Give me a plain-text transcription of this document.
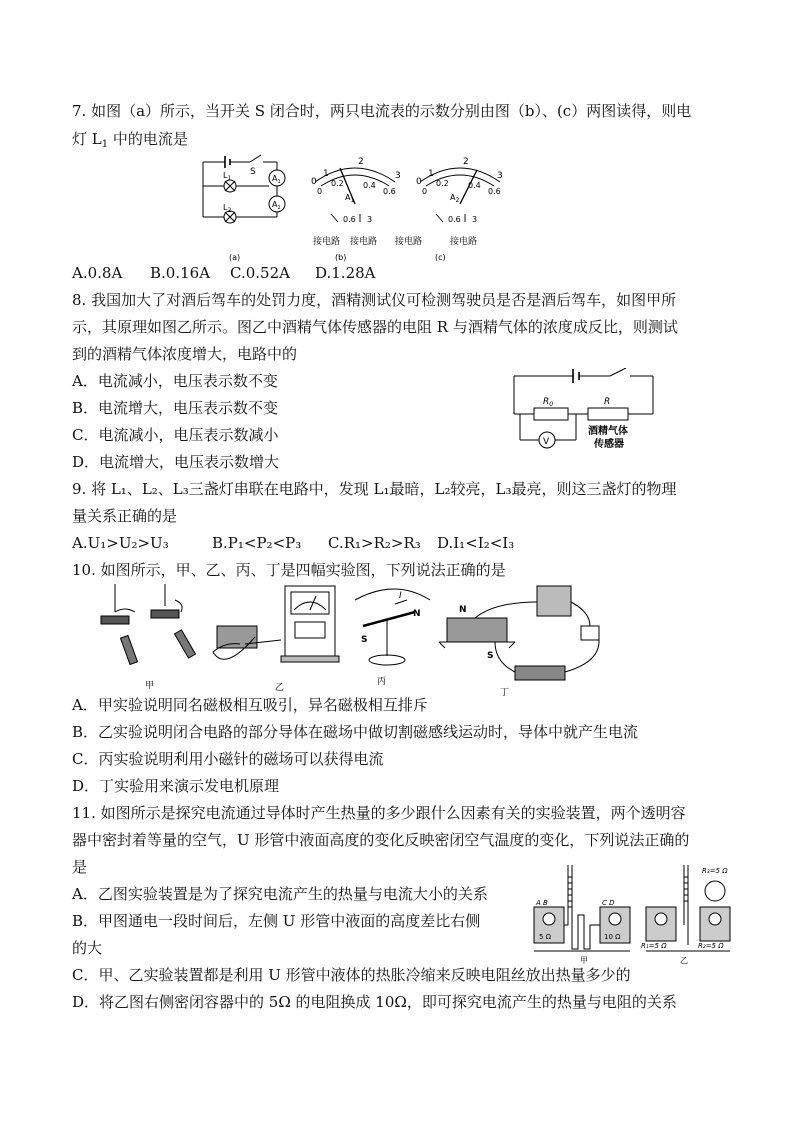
7. 如图（a）所示，当开关 S 闭合时，两只电流表的示数分别由图（b）、(c）两图读得，则电
灯 $L_1$ 中的电流是
S
$L_1$
$L_2$
$A_1$
$A_2$
(a)
0
1
2
3
0
0.2 0.4
0.6
$A_1$
0.6 3
接电路 接电路
(b)
0
1
2
3
0
0.2 0.4
0.6
$A_2$
0.6 3
接电路	接电路
(c)
A.0.8A B.0.16A C.0.52A D.1.28A
8. 我国加大了对酒后驾车的处罚力度，酒精测试仪可检测驾驶员是否是酒后驾车，如图甲所
示，其原理如图乙所示。图乙中酒精气体传感器的电阻 R 与酒精气体的浓度成反比，则测试
到的酒精气体浓度增大，电路中的
A．电流减小，电压表示数不变
B．电流增大，电压表示数不变
C．电流减小，电压表示数减小
D．电流增大，电压表示数增大
$R_0$	R
V
酒精气体
传感器
9. 将 L₁、L₂、L₃三盏灯串联在电路中，发现 L₁最暗，L₂较亮，L₃最亮，则这三盏灯的物理
量关系正确的是
A.U₁>U₂>U₃	B.P₁<P₂<P₃ C.R₁>R₂>R₃ D.I₁<I₂<I₃
10. 如图所示，甲、乙、丙、丁是四幅实验图，下列说法正确的是
甲	乙
N
S
I
丙
N
S
丁
A．甲实验说明同名磁极相互吸引，异名磁极相互排斥
B．乙实验说明闭合电路的部分导体在磁场中做切割磁感线运动时，导体中就产生电流
C．丙实验说明利用小磁针的磁场可以获得电流
D．丁实验用来演示发电机原理
11. 如图所示是探究电流通过导体时产生热量的多少跟什么因素有关的实验装置，两个透明容
器中密封着等量的空气，U 形管中液面高度的变化反映密闭空气温度的变化，下列说法正确的
是
A．乙图实验装置是为了探究电流产生的热量与电流大小的关系
B．甲图通电一段时间后，左侧 U 形管中液面的高度差比右侧
的大
C．甲、乙实验装置都是利用 U 形管中液体的热胀冷缩来反映电阻丝放出热量多少的
D．将乙图右侧密闭容器中的 5Ω 的电阻换成 10Ω，即可探究电流产生的热量与电阻的关系
A B	C D
5 Ω	10 Ω
甲
R₃=5 Ω
R₁=5 Ω	R₂=5 Ω
乙
